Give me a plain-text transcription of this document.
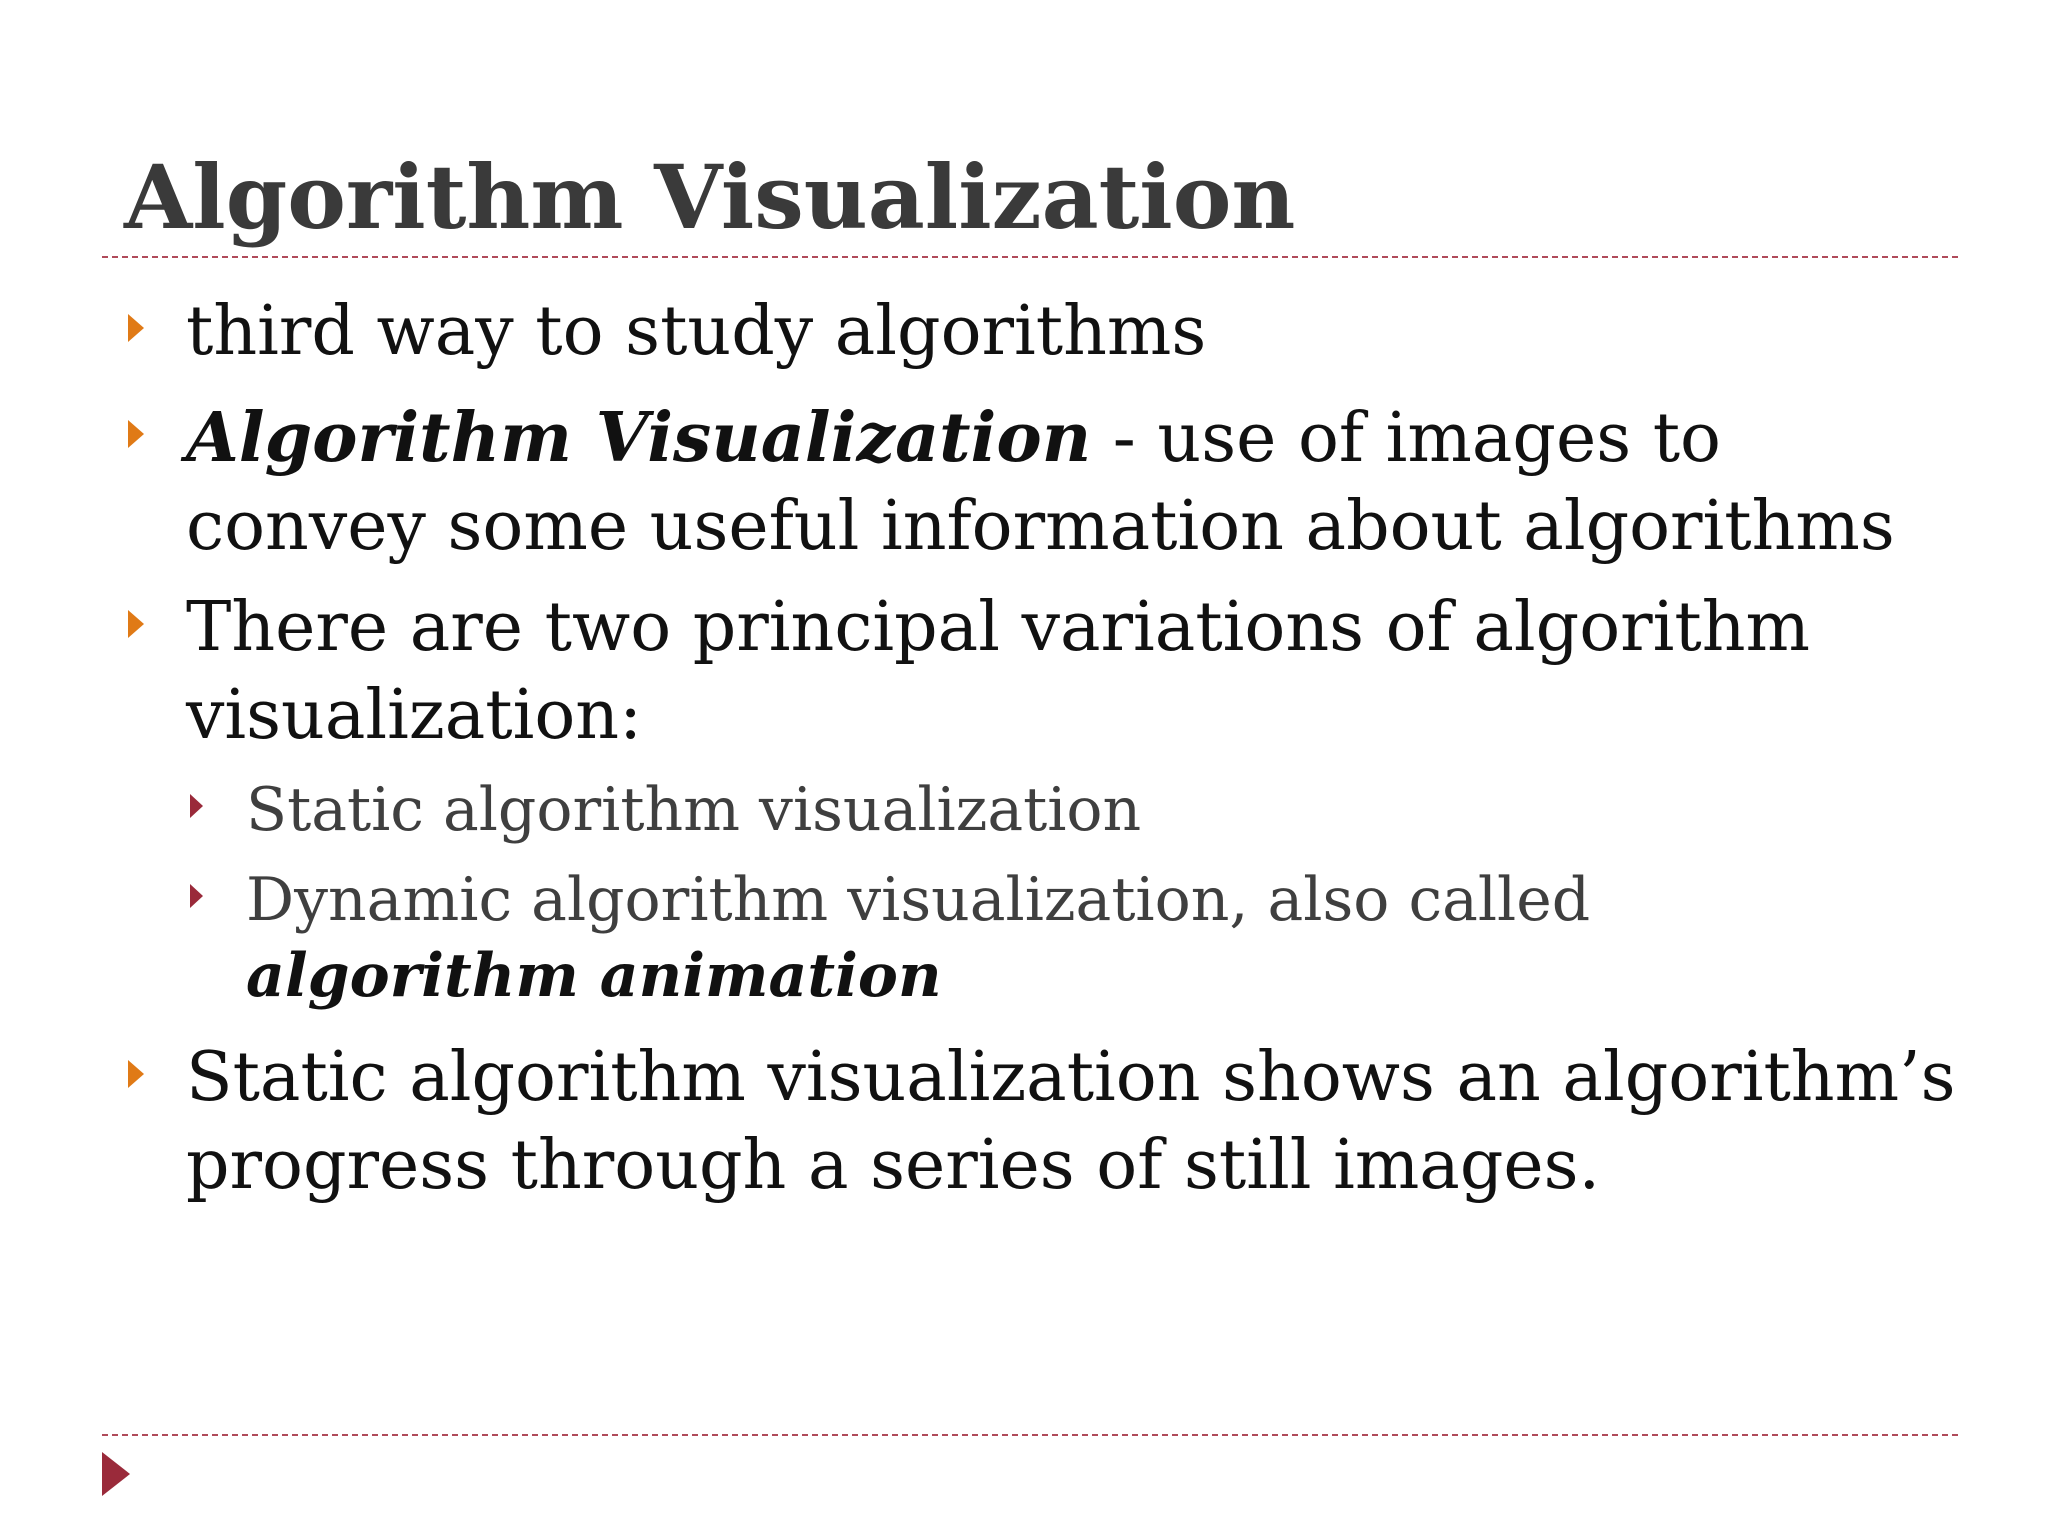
Algorithm Visualization
third way to study algorithms
Algorithm Visualization - use of images to convey some useful information about algorithms
There are two principal variations of algorithm visualization:
Static algorithm visualization
Dynamic algorithm visualization, also called algorithm animation
Static algorithm visualization shows an algorithm’s progress through a series of still images.
